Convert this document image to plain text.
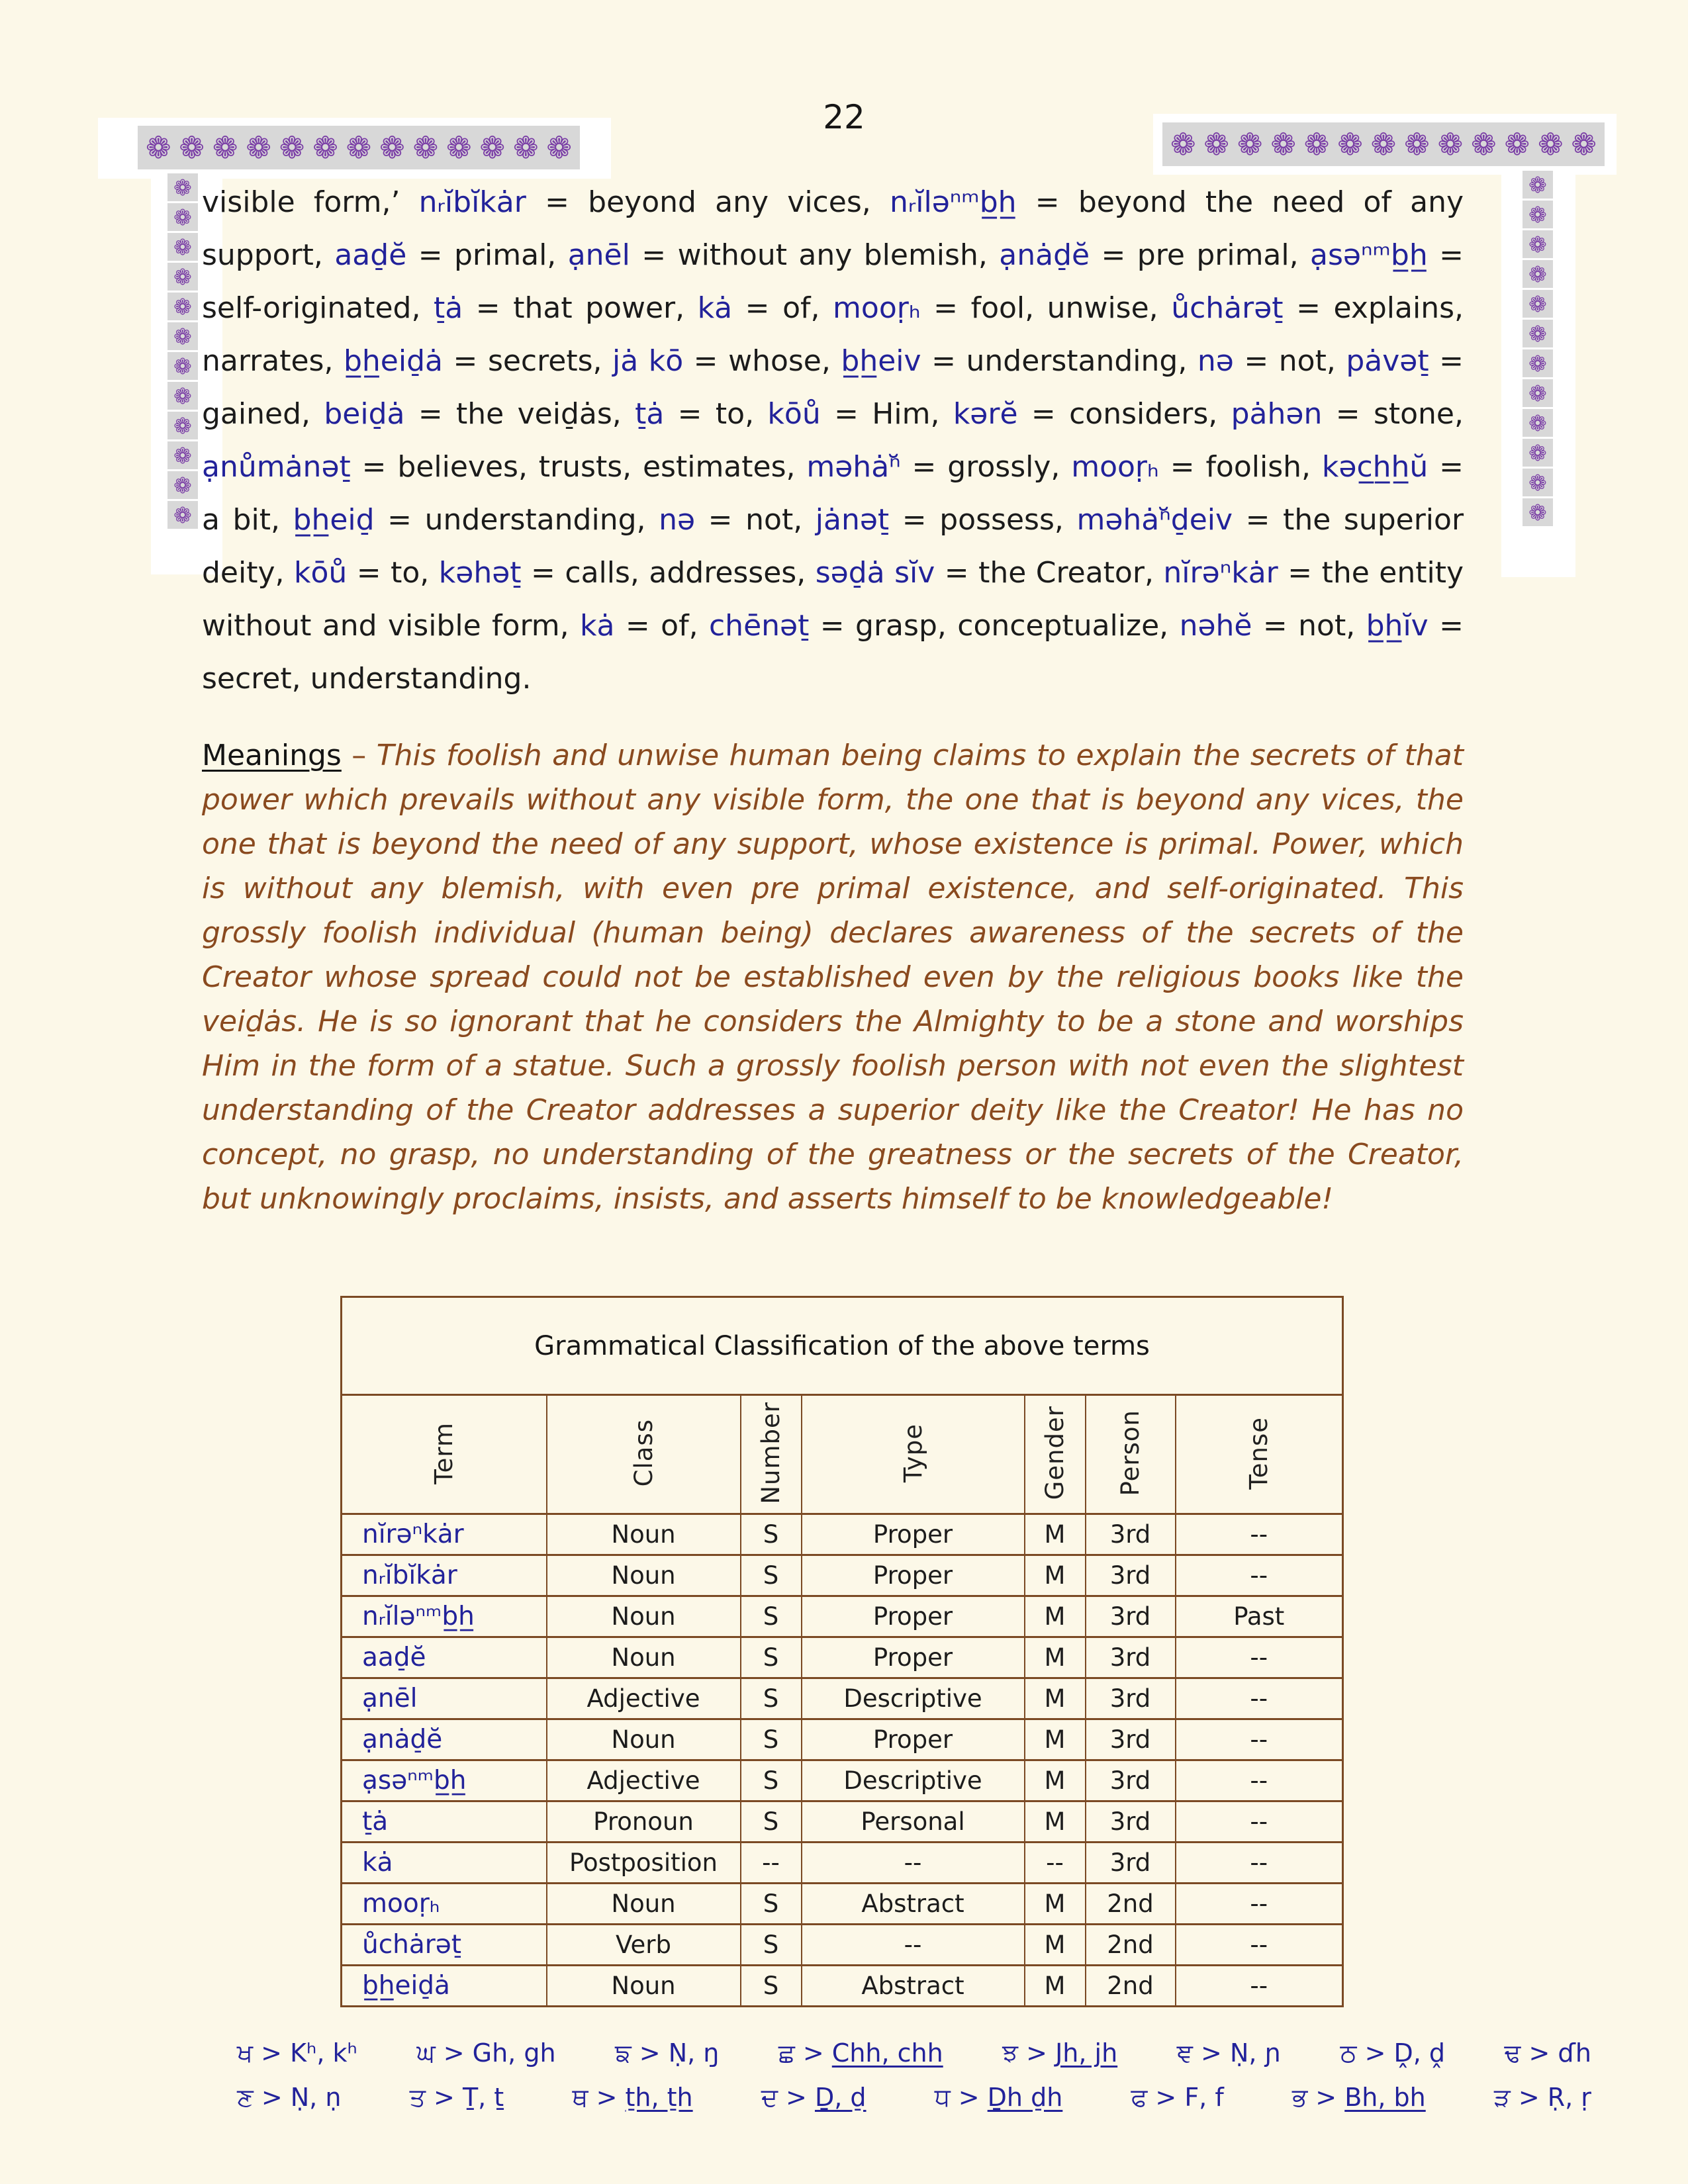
❁ ❁ ❁ ❁ ❁ ❁ ❁ ❁ ❁ ❁ ❁ ❁ ❁	❁ ❁ ❁ ❁ ❁ ❁ ❁ ❁ ❁ ❁ ❁ ❁ ❁
❁
❁
❁
❁
❁
❁
❁
❁
❁
❁
❁
❁
❁
❁
❁
❁
❁
❁
❁
❁
❁
❁
❁
❁
22
visible form,’ nᵣĭbĭkȧr = beyond any vices, nᵣĭləⁿᵐb̲h̲ = beyond the need of any support, aad̠ĕ = primal, ạnēl = without any blemish, ạnȧd̠ĕ = pre primal, ạsəⁿᵐb̲h̲ = self-originated, t̠ȧ = that power, kȧ = of, mooṛₕ = fool, unwise, ůchȧrət̠ = explains, narrates, b̲h̲eid̠ȧ = secrets, jȧ kō = whose, b̲h̲eiv = understanding, nə = not, pȧvət̠ = gained, beid̠ȧ = the veid̠ȧs, t̠ȧ = to, kōů = Him, kərĕ = considers, pȧhən = stone, ạnůmȧnət̠ = believes, trusts, estimates, məhȧⁿ̆ = grossly, mooṛₕ = foolish, kəc̲h̲h̲ŭ = a bit, b̲h̲eid̠ = understanding, nə = not, jȧnət̠ = possess, məhȧⁿ̆d̠eiv = the superior deity, kōů = to, kəhət̠ = calls, addresses, səd̠ȧ sĭv = the Creator, nĭrəⁿkȧr = the entity without and visible form, kȧ = of, chēnət̠ = grasp, conceptualize, nəhĕ = not, b̲h̲ĭv = secret, understanding.
Meanings – This foolish and unwise human being claims to explain the secrets of that power which prevails without any visible form, the one that is beyond any vices, the one that is beyond the need of any support, whose existence is primal. Power, which is without any blemish, with even pre primal existence, and self-originated. This grossly foolish individual (human being) declares awareness of the secrets of the Creator whose spread could not be established even by the religious books like the veid̠ȧs. He is so ignorant that he considers the Almighty to be a stone and worships Him in the form of a statue. Such a grossly foolish person with not even the slightest understanding of the Creator addresses a superior deity like the Creator! He has no concept, no grasp, no understanding of the greatness or the secrets of the Creator, but unknowingly proclaims, insists, and asserts himself to be knowledgeable!
Grammatical Classification of the above terms						
Term	Class	Number	Type	Gender	Person	Tense
nĭrəⁿkȧr	Noun	S	Proper	M	3rd	--
nᵣĭbĭkȧr	Noun	S	Proper	M	3rd	--
nᵣĭləⁿᵐb̲h̲	Noun	S	Proper	M	3rd	Past
aad̠ĕ	Noun	S	Proper	M	3rd	--
ạnēl	Adjective	S	Descriptive	M	3rd	--
ạnȧd̠ĕ	Noun	S	Proper	M	3rd	--
ạsəⁿᵐb̲h̲	Adjective	S	Descriptive	M	3rd	--
t̠ȧ	Pronoun	S	Personal	M	3rd	--
kȧ	Postposition	--	--	--	3rd	--
mooṛₕ	Noun	S	Abstract	M	2nd	--
ůchȧrət̠	Verb	S	--	M	2nd	--
b̲h̲eid̠ȧ	Noun	S	Abstract	M	2nd	--
ਖ > Kʰ, kʰ ਘ > Gh, gh ਙ > Ṇ, ŋ ਛ > Chh, chh ਝ > Jh, jh ਞ > Ṇ, ɲ ਠ > Ḓ, ḓ ਢ > ɗh
ਣ > Ṇ, ṇ	ਤ > Ṯ, ṯ	ਥ > t̠h, t̠h	ਦ > Ḏ, d̠	ਧ > Ḏh d̠h	ਫ > F, f	ਭ > Bh, bh	ੜ > Ṛ, ṛ
